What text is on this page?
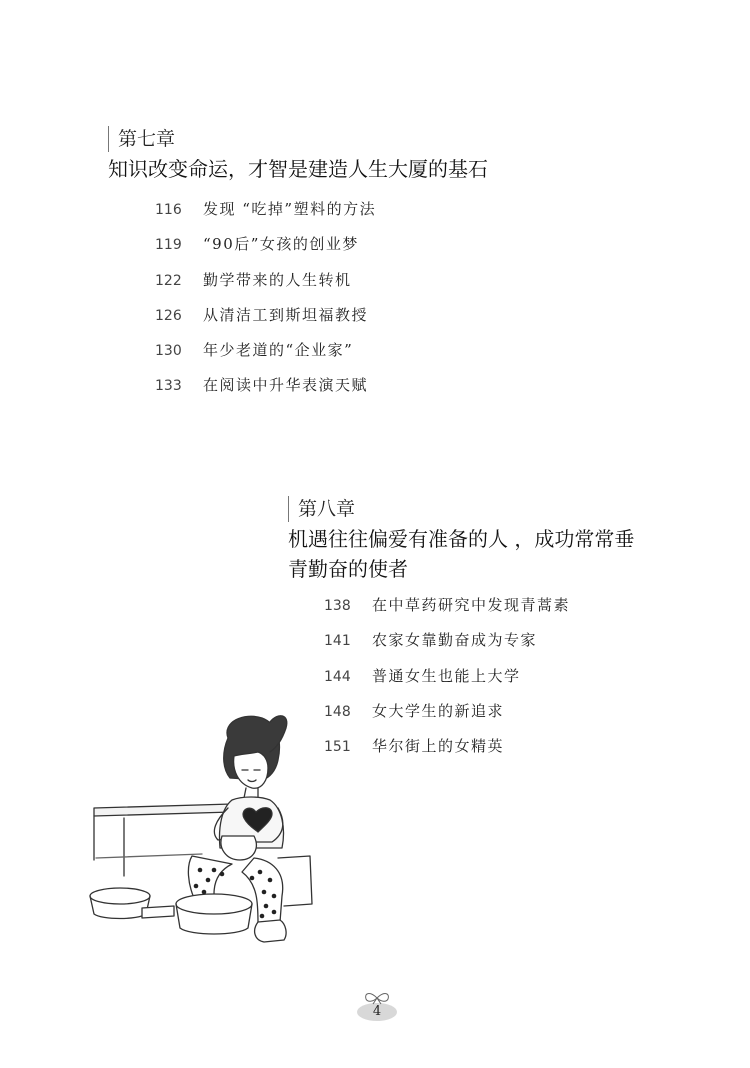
第七章
知识改变命运，才智是建造人生大厦的基石
116	发现 “吃掉”塑料的方法
119	“90后”女孩的创业梦
122	勤学带来的人生转机
126	从清洁工到斯坦福教授
130	年少老道的“企业家”
133	在阅读中升华表演天赋
第八章
机遇往往偏爱有准备的人 ，成功常常垂
青勤奋的使者
138	在中草药研究中发现青蒿素
141	农家女靠勤奋成为专家
144	普通女生也能上大学
148	女大学生的新追求
151	华尔街上的女精英
4
